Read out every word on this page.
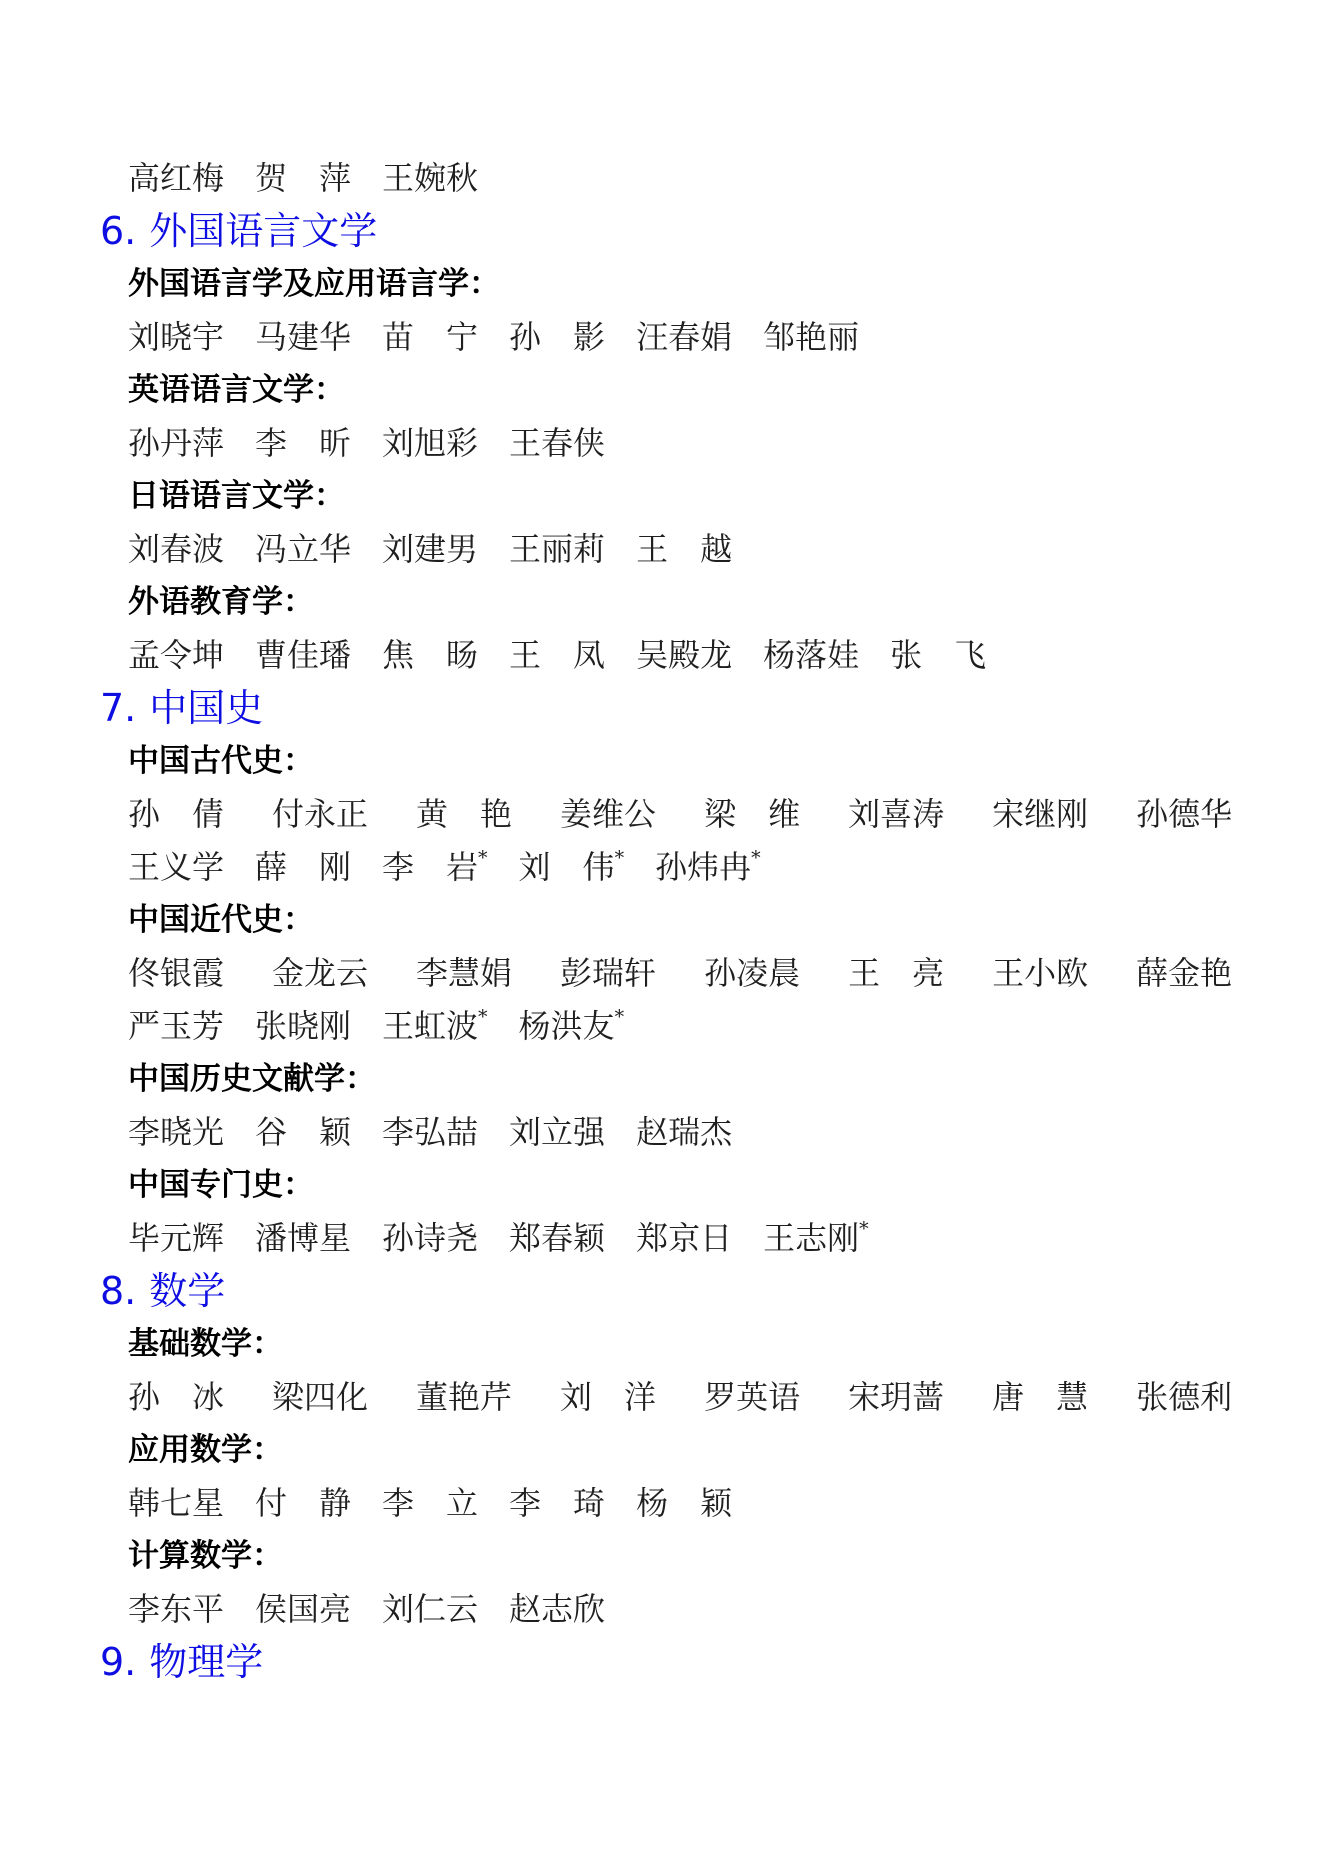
高红梅 贺　萍 王婉秋
6. 外国语言文学
外国语言学及应用语言学：
刘晓宇 马建华 苗　宁 孙　影 汪春娟 邹艳丽
英语语言文学：
孙丹萍 李　昕 刘旭彩 王春侠
日语语言文学：
刘春波 冯立华 刘建男 王丽莉 王　越
外语教育学：
孟令坤 曹佳璠 焦　旸 王　凤 吴殿龙 杨落娃 张　飞
7. 中国史
中国古代史：
孙　倩 付永正 黄　艳 姜维公 梁　维 刘喜涛 宋继刚 孙德华
王义学 薛　刚 李　岩* 刘　伟* 孙炜冉*
中国近代史：
佟银霞 金龙云 李慧娟 彭瑞轩 孙凌晨 王　亮 王小欧 薛金艳
严玉芳 张晓刚 王虹波* 杨洪友*
中国历史文献学：
李晓光 谷　颖 李弘喆 刘立强 赵瑞杰
中国专门史：
毕元辉 潘博星 孙诗尧 郑春颖 郑京日 王志刚*
8. 数学
基础数学：
孙　冰 梁四化 董艳芹 刘　洋 罗英语 宋玥蔷 唐　慧 张德利
应用数学：
韩七星 付　静 李　立 李　琦 杨　颖
计算数学：
李东平 侯国亮 刘仁云 赵志欣
9. 物理学
